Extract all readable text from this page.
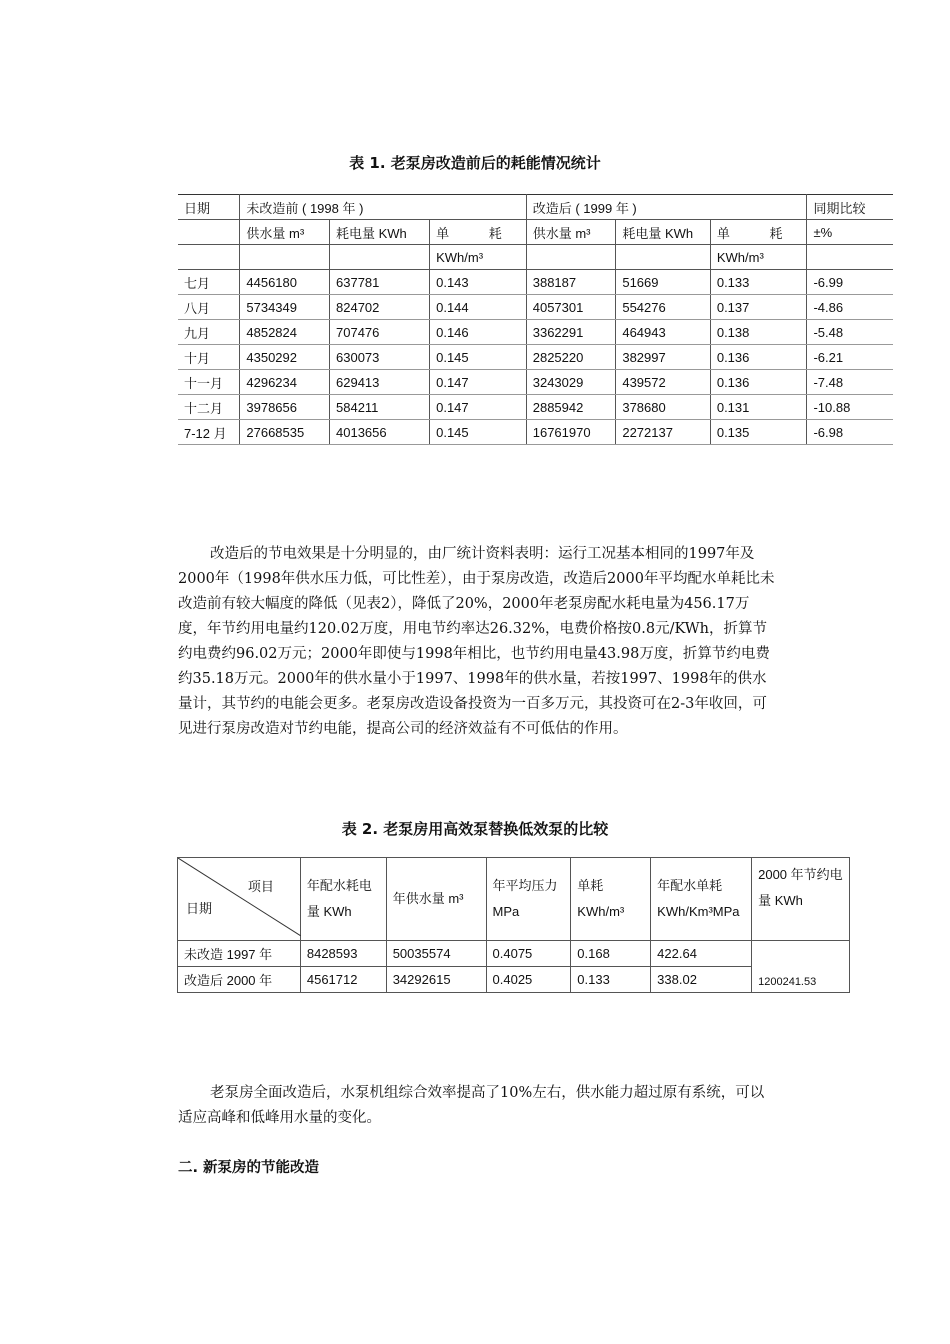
表 1. 老泵房改造前后的耗能情况统计
日期	未改造前 ( 1998 年 )			改造后 ( 1999 年 )			同期比较
	供水量 m³	耗电量 KWh	单 耗	供水量 m³	耗电量 KWh	单 耗	±%
			KWh/m³			KWh/m³	
七月	4456180	637781	0.143	388187	51669	0.133	-6.99
八月	5734349	824702	0.144	4057301	554276	0.137	-4.86
九月	4852824	707476	0.146	3362291	464943	0.138	-5.48
十月	4350292	630073	0.145	2825220	382997	0.136	-6.21
十一月	4296234	629413	0.147	3243029	439572	0.136	-7.48
十二月	3978656	584211	0.147	2885942	378680	0.131	-10.88
7-12 月	27668535	4013656	0.145	16761970	2272137	0.135	-6.98

改造后的节电效果是十分明显的，由厂统计资料表明：运行工况基本相同的1997年及2000年（1998年供水压力低，可比性差），由于泵房改造，改造后2000年平均配水单耗比未改造前有较大幅度的降低（见表2），降低了20%，2000年老泵房配水耗电量为456.17万度，年节约用电量约120.02万度，用电节约率达26.32%，电费价格按0.8元/KWh，折算节约电费约96.02万元；2000年即使与1998年相比，也节约用电量43.98万度，折算节约电费约35.18万元。2000年的供水量小于1997、1998年的供水量，若按1997、1998年的供水量计，其节约的电能会更多。老泵房改造设备投资为一百多万元，其投资可在2-3年收回，可见进行泵房改造对节约电能，提高公司的经济效益有不可低估的作用。

表 2. 老泵房用高效泵替换低效泵的比较
项目
日期	年配水耗电量 KWh	年供水量 m³	年平均压力 MPa	单耗 KWh/m³	年配水单耗 KWh/Km³MPa	2000 年节约电量 KWh
未改造 1997 年	8428593	50035574	0.4075	0.168	422.64	1200241.53
改造后 2000 年	4561712	34292615	0.4025	0.133	338.02	

老泵房全面改造后，水泵机组综合效率提高了10%左右，供水能力超过原有系统，可以适应高峰和低峰用水量的变化。

二. 新泵房的节能改造
